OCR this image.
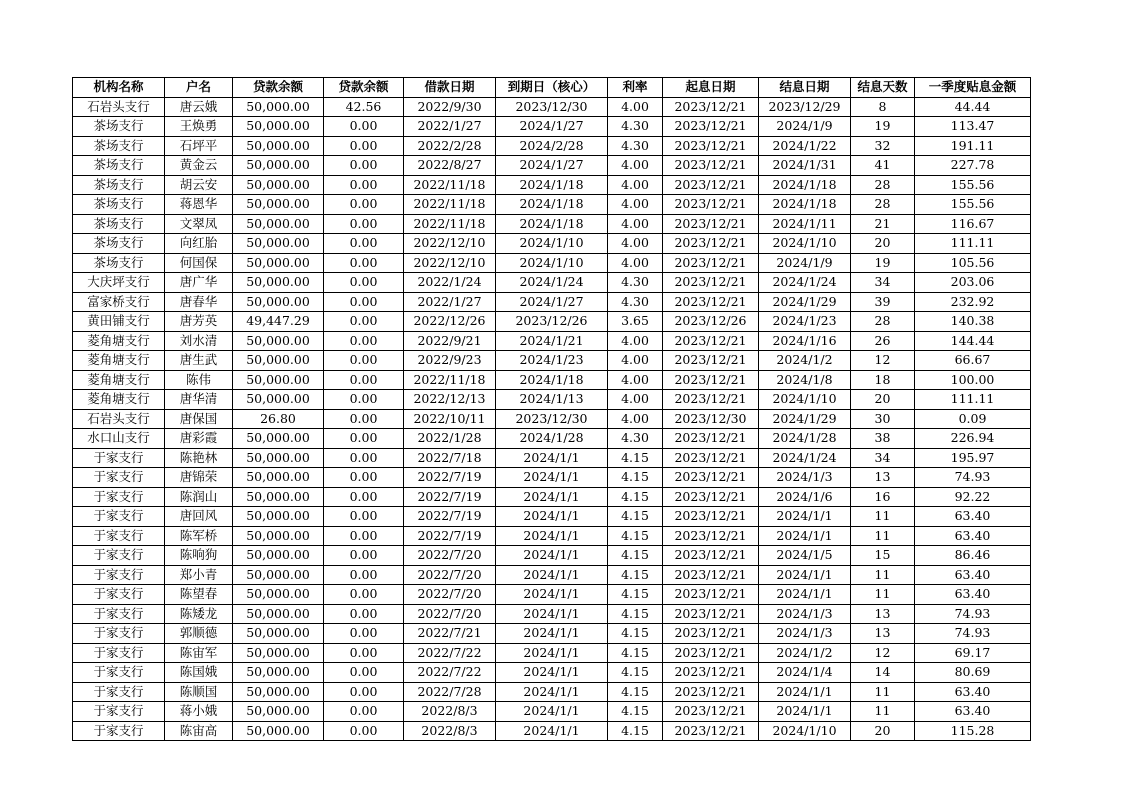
机构名称	户名	贷款余额	贷款余额	借款日期	到期日（核心）	利率	起息日期	结息日期	结息天数	一季度贴息金额
石岩头支行	唐云娥	50,000.00	42.56	2022/9/30	2023/12/30	4.00	2023/12/21	2023/12/29	8	44.44
茶场支行	王焕勇	50,000.00	0.00	2022/1/27	2024/1/27	4.30	2023/12/21	2024/1/9	19	113.47
茶场支行	石坪平	50,000.00	0.00	2022/2/28	2024/2/28	4.30	2023/12/21	2024/1/22	32	191.11
茶场支行	黄金云	50,000.00	0.00	2022/8/27	2024/1/27	4.00	2023/12/21	2024/1/31	41	227.78
茶场支行	胡云安	50,000.00	0.00	2022/11/18	2024/1/18	4.00	2023/12/21	2024/1/18	28	155.56
茶场支行	蒋恩华	50,000.00	0.00	2022/11/18	2024/1/18	4.00	2023/12/21	2024/1/18	28	155.56
茶场支行	文翠凤	50,000.00	0.00	2022/11/18	2024/1/18	4.00	2023/12/21	2024/1/11	21	116.67
茶场支行	向红胎	50,000.00	0.00	2022/12/10	2024/1/10	4.00	2023/12/21	2024/1/10	20	111.11
茶场支行	何国保	50,000.00	0.00	2022/12/10	2024/1/10	4.00	2023/12/21	2024/1/9	19	105.56
大庆坪支行	唐广华	50,000.00	0.00	2022/1/24	2024/1/24	4.30	2023/12/21	2024/1/24	34	203.06
富家桥支行	唐春华	50,000.00	0.00	2022/1/27	2024/1/27	4.30	2023/12/21	2024/1/29	39	232.92
黄田铺支行	唐芳英	49,447.29	0.00	2022/12/26	2023/12/26	3.65	2023/12/26	2024/1/23	28	140.38
菱角塘支行	刘水清	50,000.00	0.00	2022/9/21	2024/1/21	4.00	2023/12/21	2024/1/16	26	144.44
菱角塘支行	唐生武	50,000.00	0.00	2022/9/23	2024/1/23	4.00	2023/12/21	2024/1/2	12	66.67
菱角塘支行	陈伟	50,000.00	0.00	2022/11/18	2024/1/18	4.00	2023/12/21	2024/1/8	18	100.00
菱角塘支行	唐华清	50,000.00	0.00	2022/12/13	2024/1/13	4.00	2023/12/21	2024/1/10	20	111.11
石岩头支行	唐保国	26.80	0.00	2022/10/11	2023/12/30	4.00	2023/12/30	2024/1/29	30	0.09
水口山支行	唐彩霞	50,000.00	0.00	2022/1/28	2024/1/28	4.30	2023/12/21	2024/1/28	38	226.94
于家支行	陈艳林	50,000.00	0.00	2022/7/18	2024/1/1	4.15	2023/12/21	2024/1/24	34	195.97
于家支行	唐锦荣	50,000.00	0.00	2022/7/19	2024/1/1	4.15	2023/12/21	2024/1/3	13	74.93
于家支行	陈润山	50,000.00	0.00	2022/7/19	2024/1/1	4.15	2023/12/21	2024/1/6	16	92.22
于家支行	唐回风	50,000.00	0.00	2022/7/19	2024/1/1	4.15	2023/12/21	2024/1/1	11	63.40
于家支行	陈军桥	50,000.00	0.00	2022/7/19	2024/1/1	4.15	2023/12/21	2024/1/1	11	63.40
于家支行	陈响狗	50,000.00	0.00	2022/7/20	2024/1/1	4.15	2023/12/21	2024/1/5	15	86.46
于家支行	郑小青	50,000.00	0.00	2022/7/20	2024/1/1	4.15	2023/12/21	2024/1/1	11	63.40
于家支行	陈望春	50,000.00	0.00	2022/7/20	2024/1/1	4.15	2023/12/21	2024/1/1	11	63.40
于家支行	陈矮龙	50,000.00	0.00	2022/7/20	2024/1/1	4.15	2023/12/21	2024/1/3	13	74.93
于家支行	郭顺德	50,000.00	0.00	2022/7/21	2024/1/1	4.15	2023/12/21	2024/1/3	13	74.93
于家支行	陈宙军	50,000.00	0.00	2022/7/22	2024/1/1	4.15	2023/12/21	2024/1/2	12	69.17
于家支行	陈国娥	50,000.00	0.00	2022/7/22	2024/1/1	4.15	2023/12/21	2024/1/4	14	80.69
于家支行	陈顺国	50,000.00	0.00	2022/7/28	2024/1/1	4.15	2023/12/21	2024/1/1	11	63.40
于家支行	蒋小娥	50,000.00	0.00	2022/8/3	2024/1/1	4.15	2023/12/21	2024/1/1	11	63.40
于家支行	陈宙高	50,000.00	0.00	2022/8/3	2024/1/1	4.15	2023/12/21	2024/1/10	20	115.28
